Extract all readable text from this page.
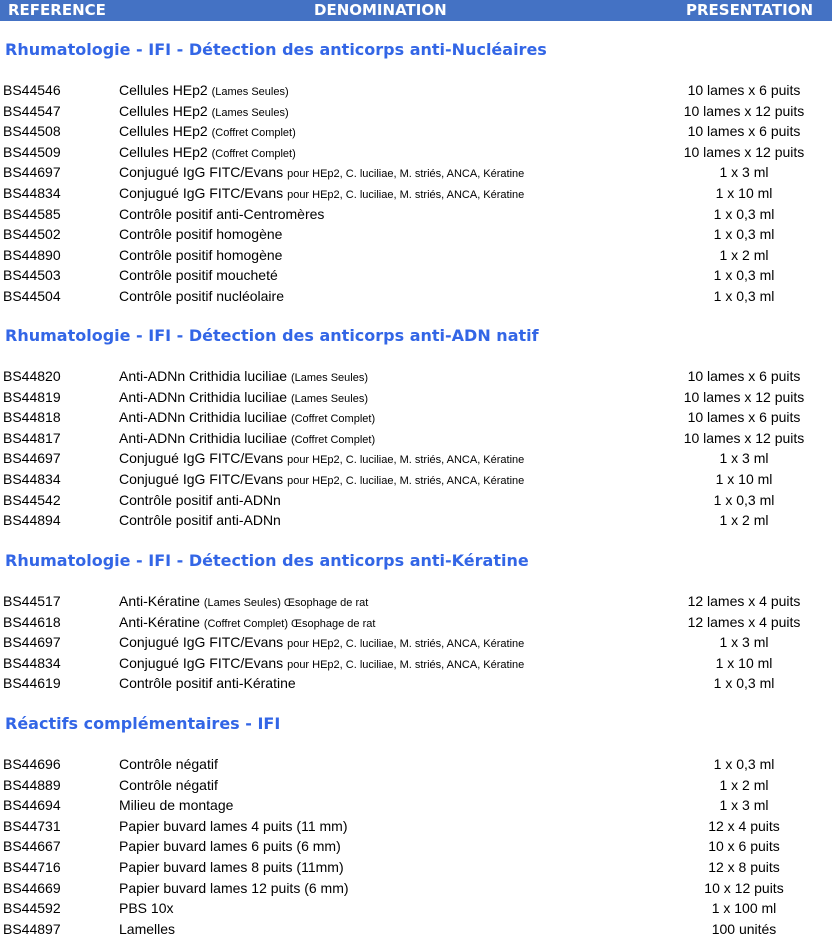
REFERENCE	DENOMINATION	PRESENTATION
Rhumatologie - IFI - Détection des anticorps anti-Nucléaires
BS44546	Cellules HEp2 (Lames Seules)	10 lames x 6 puits
BS44547	Cellules HEp2 (Lames Seules)	10 lames x 12 puits
BS44508	Cellules HEp2 (Coffret Complet)	10 lames x 6 puits
BS44509	Cellules HEp2 (Coffret Complet)	10 lames x 12 puits
BS44697	Conjugué IgG FITC/Evans pour HEp2, C. luciliae, M. striés, ANCA, Kératine	1 x 3 ml
BS44834	Conjugué IgG FITC/Evans pour HEp2, C. luciliae, M. striés, ANCA, Kératine	1 x 10 ml
BS44585	Contrôle positif anti-Centromères	1 x 0,3 ml
BS44502	Contrôle positif homogène	1 x 0,3 ml
BS44890	Contrôle positif homogène	1 x 2 ml
BS44503	Contrôle positif moucheté	1 x 0,3 ml
BS44504	Contrôle positif nucléolaire	1 x 0,3 ml
Rhumatologie - IFI - Détection des anticorps anti-ADN natif
BS44820	Anti-ADNn Crithidia luciliae (Lames Seules)	10 lames x 6 puits
BS44819	Anti-ADNn Crithidia luciliae (Lames Seules)	10 lames x 12 puits
BS44818	Anti-ADNn Crithidia luciliae (Coffret Complet)	10 lames x 6 puits
BS44817	Anti-ADNn Crithidia luciliae (Coffret Complet)	10 lames x 12 puits
BS44697	Conjugué IgG FITC/Evans pour HEp2, C. luciliae, M. striés, ANCA, Kératine	1 x 3 ml
BS44834	Conjugué IgG FITC/Evans pour HEp2, C. luciliae, M. striés, ANCA, Kératine	1 x 10 ml
BS44542	Contrôle positif anti-ADNn	1 x 0,3 ml
BS44894	Contrôle positif anti-ADNn	1 x 2 ml
Rhumatologie - IFI - Détection des anticorps anti-Kératine
BS44517	Anti-Kératine (Lames Seules) Œsophage de rat	12 lames x 4 puits
BS44618	Anti-Kératine (Coffret Complet) Œsophage de rat	12 lames x 4 puits
BS44697	Conjugué IgG FITC/Evans pour HEp2, C. luciliae, M. striés, ANCA, Kératine	1 x 3 ml
BS44834	Conjugué IgG FITC/Evans pour HEp2, C. luciliae, M. striés, ANCA, Kératine	1 x 10 ml
BS44619	Contrôle positif anti-Kératine	1 x 0,3 ml
Réactifs complémentaires - IFI
BS44696	Contrôle négatif	1 x 0,3 ml
BS44889	Contrôle négatif	1 x 2 ml
BS44694	Milieu de montage	1 x 3 ml
BS44731	Papier buvard lames 4 puits (11 mm)	12 x 4 puits
BS44667	Papier buvard lames 6 puits (6 mm)	10 x 6 puits
BS44716	Papier buvard lames 8 puits (11mm)	12 x 8 puits
BS44669	Papier buvard lames 12 puits (6 mm)	10 x 12 puits
BS44592	PBS 10x	1 x 100 ml
BS44897	Lamelles	100 unités
